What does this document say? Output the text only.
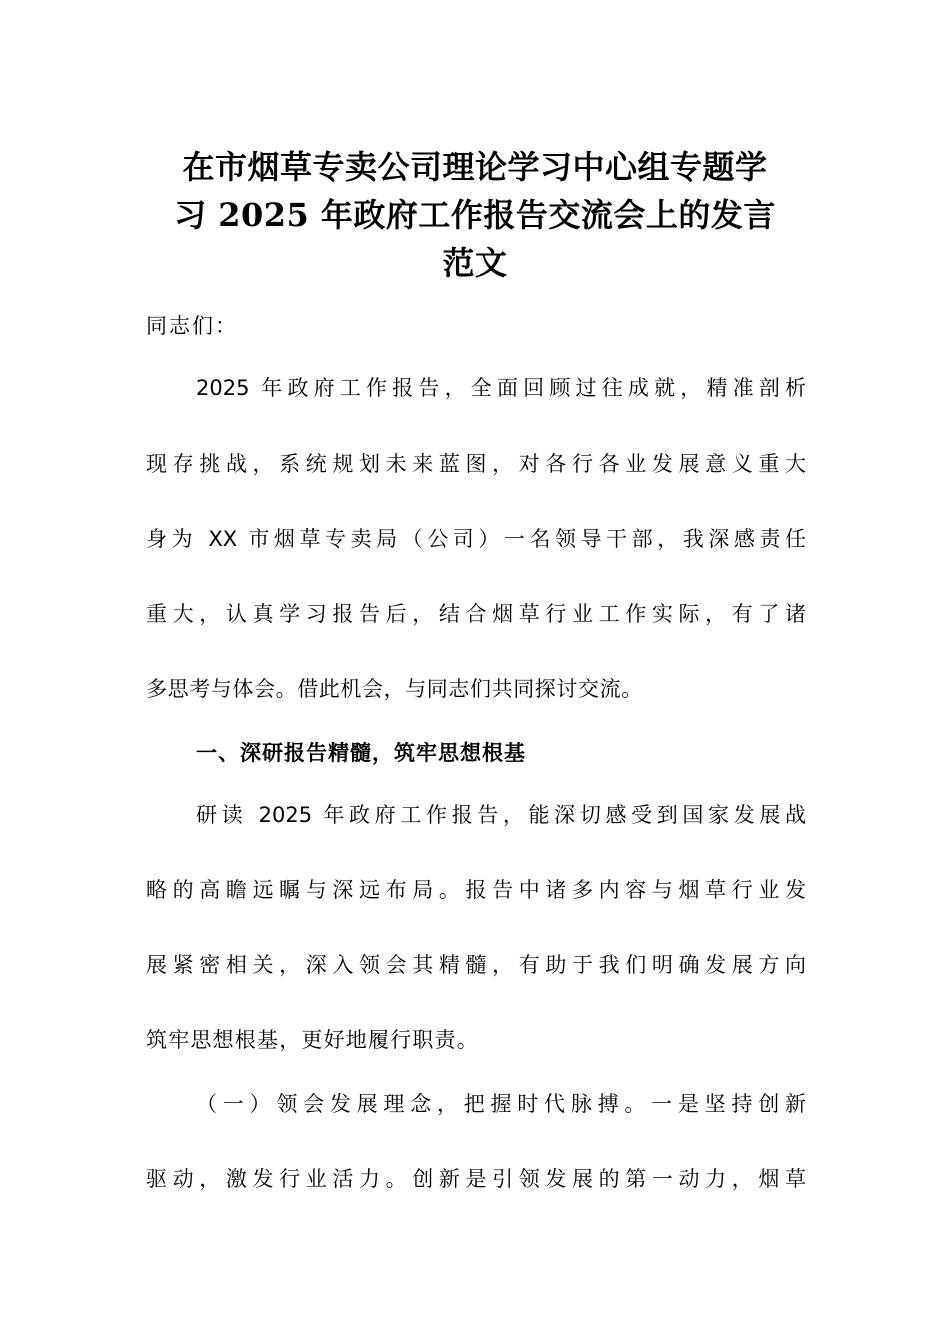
在市烟草专卖公司理论学习中心组专题学
习 2025 年政府工作报告交流会上的发言
范文

同志们：

2025 年政府工作报告，全面回顾过往成就，精准剖析

现存挑战，系统规划未来蓝图，对各行各业发展意义重大

身为 XX 市烟草专卖局（公司）一名领导干部，我深感责任

重大，认真学习报告后，结合烟草行业工作实际，有了诸

多思考与体会。借此机会，与同志们共同探讨交流。

一、深研报告精髓，筑牢思想根基

研读 2025 年政府工作报告，能深切感受到国家发展战

略的高瞻远瞩与深远布局。报告中诸多内容与烟草行业发

展紧密相关，深入领会其精髓，有助于我们明确发展方向

筑牢思想根基，更好地履行职责。

（一）领会发展理念，把握时代脉搏。一是坚持创新

驱动，激发行业活力。创新是引领发展的第一动力，烟草
